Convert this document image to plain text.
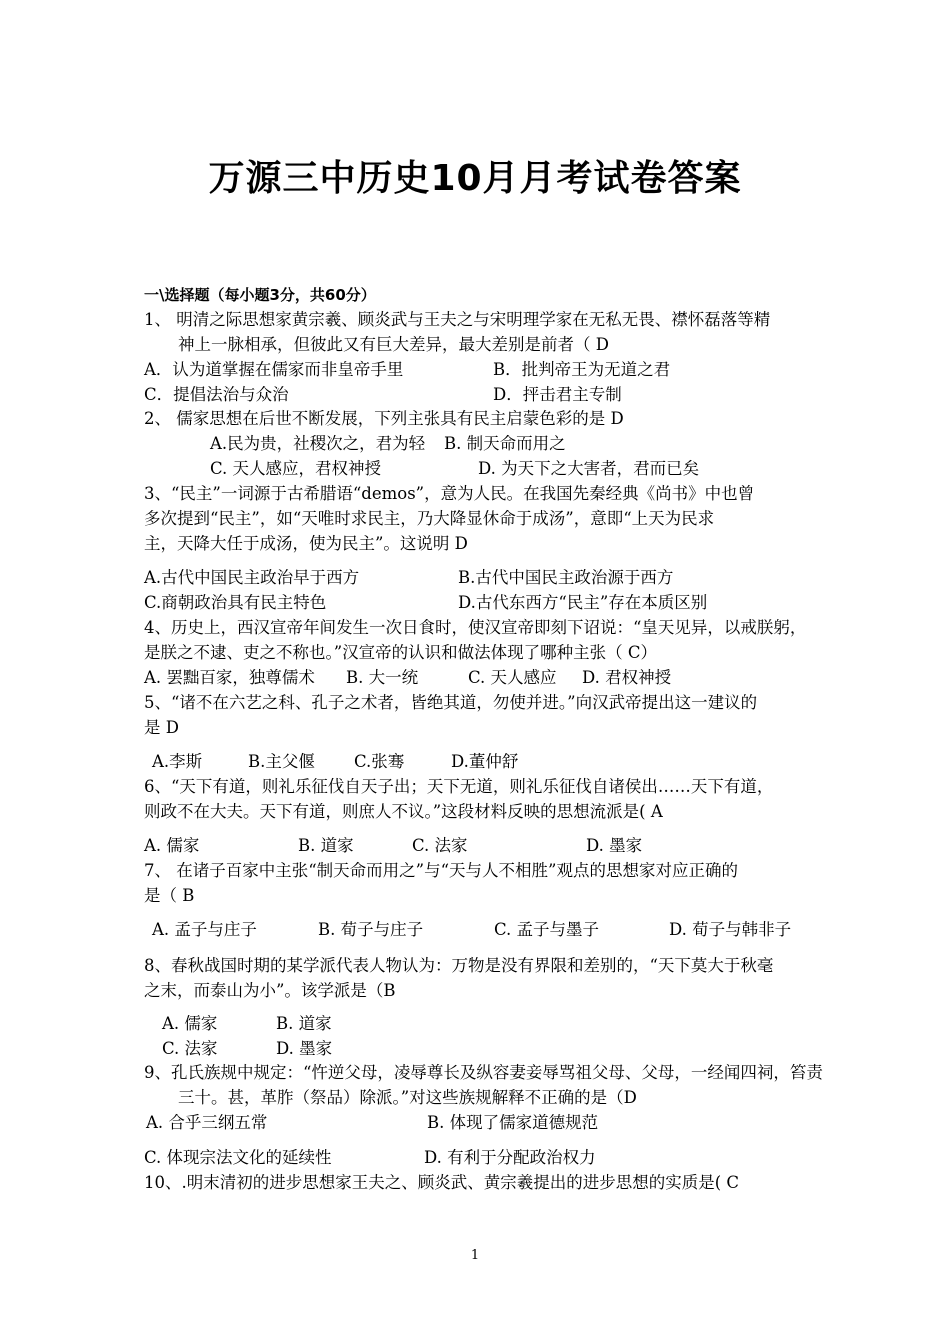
万源三中历史10月月考试卷答案
一\选择题（每小题3分，共60分）
1、 明清之际思想家黄宗羲、顾炎武与王夫之与宋明理学家在无私无畏、襟怀磊落等精
神上一脉相承，但彼此又有巨大差异，最大差别是前者（ D
A．认为道掌握在儒家而非皇帝手里	B．批判帝王为无道之君
C．提倡法治与众治	D．抨击君主专制
2、 儒家思想在后世不断发展，下列主张具有民主启蒙色彩的是 D
A.民为贵，社稷次之，君为轻 B. 制天命而用之
C. 天人感应，君权神授	D. 为天下之大害者，君而已矣
3、“民主”一词源于古希腊语“demos”，意为人民。在我国先秦经典《尚书》中也曾
多次提到“民主”，如“天唯时求民主，乃大降显休命于成汤”，意即“上天为民求
主，天降大任于成汤，使为民主”。这说明 D
A.古代中国民主政治早于西方	B.古代中国民主政治源于西方
C.商朝政治具有民主特色	D.古代东西方“民主”存在本质区别
4、历史上，西汉宣帝年间发生一次日食时，使汉宣帝即刻下诏说：“皇天见异，以戒朕躬，
是朕之不逮、吏之不称也。”汉宣帝的认识和做法体现了哪种主张（ C）
A. 罢黜百家，独尊儒术 B. 大一统	C. 天人感应 D. 君权神授
5、“诸不在六艺之科、孔子之术者，皆绝其道，勿使并进。”向汉武帝提出这一建议的
是 D
A.李斯	B.主父偃 C.张骞	D.董仲舒
6、“天下有道，则礼乐征伐自天子出；天下无道，则礼乐征伐自诸侯出……天下有道，
则政不在大夫。天下有道，则庶人不议。”这段材料反映的思想流派是( A
A. 儒家	B. 道家	C. 法家	D. 墨家
7、 在诸子百家中主张“制天命而用之”与“天与人不相胜”观点的思想家对应正确的
是（ B
A. 孟子与庄子	B. 荀子与庄子	C. 孟子与墨子	D. 荀子与韩非子
8、春秋战国时期的某学派代表人物认为：万物是没有界限和差别的，“天下莫大于秋毫
之末，而泰山为小”。该学派是（B
A. 儒家	B. 道家
C. 法家	D. 墨家
9、孔氏族规中规定：“忤逆父母，凌辱尊长及纵容妻妾辱骂祖父母、父母，一经闻四祠，笞责
三十。甚，革胙（祭品）除派。”对这些族规解释不正确的是（D
A. 合乎三纲五常	B. 体现了儒家道德规范
C. 体现宗法文化的延续性	D. 有利于分配政治权力
10、.明末清初的进步思想家王夫之、顾炎武、黄宗羲提出的进步思想的实质是( C
1
